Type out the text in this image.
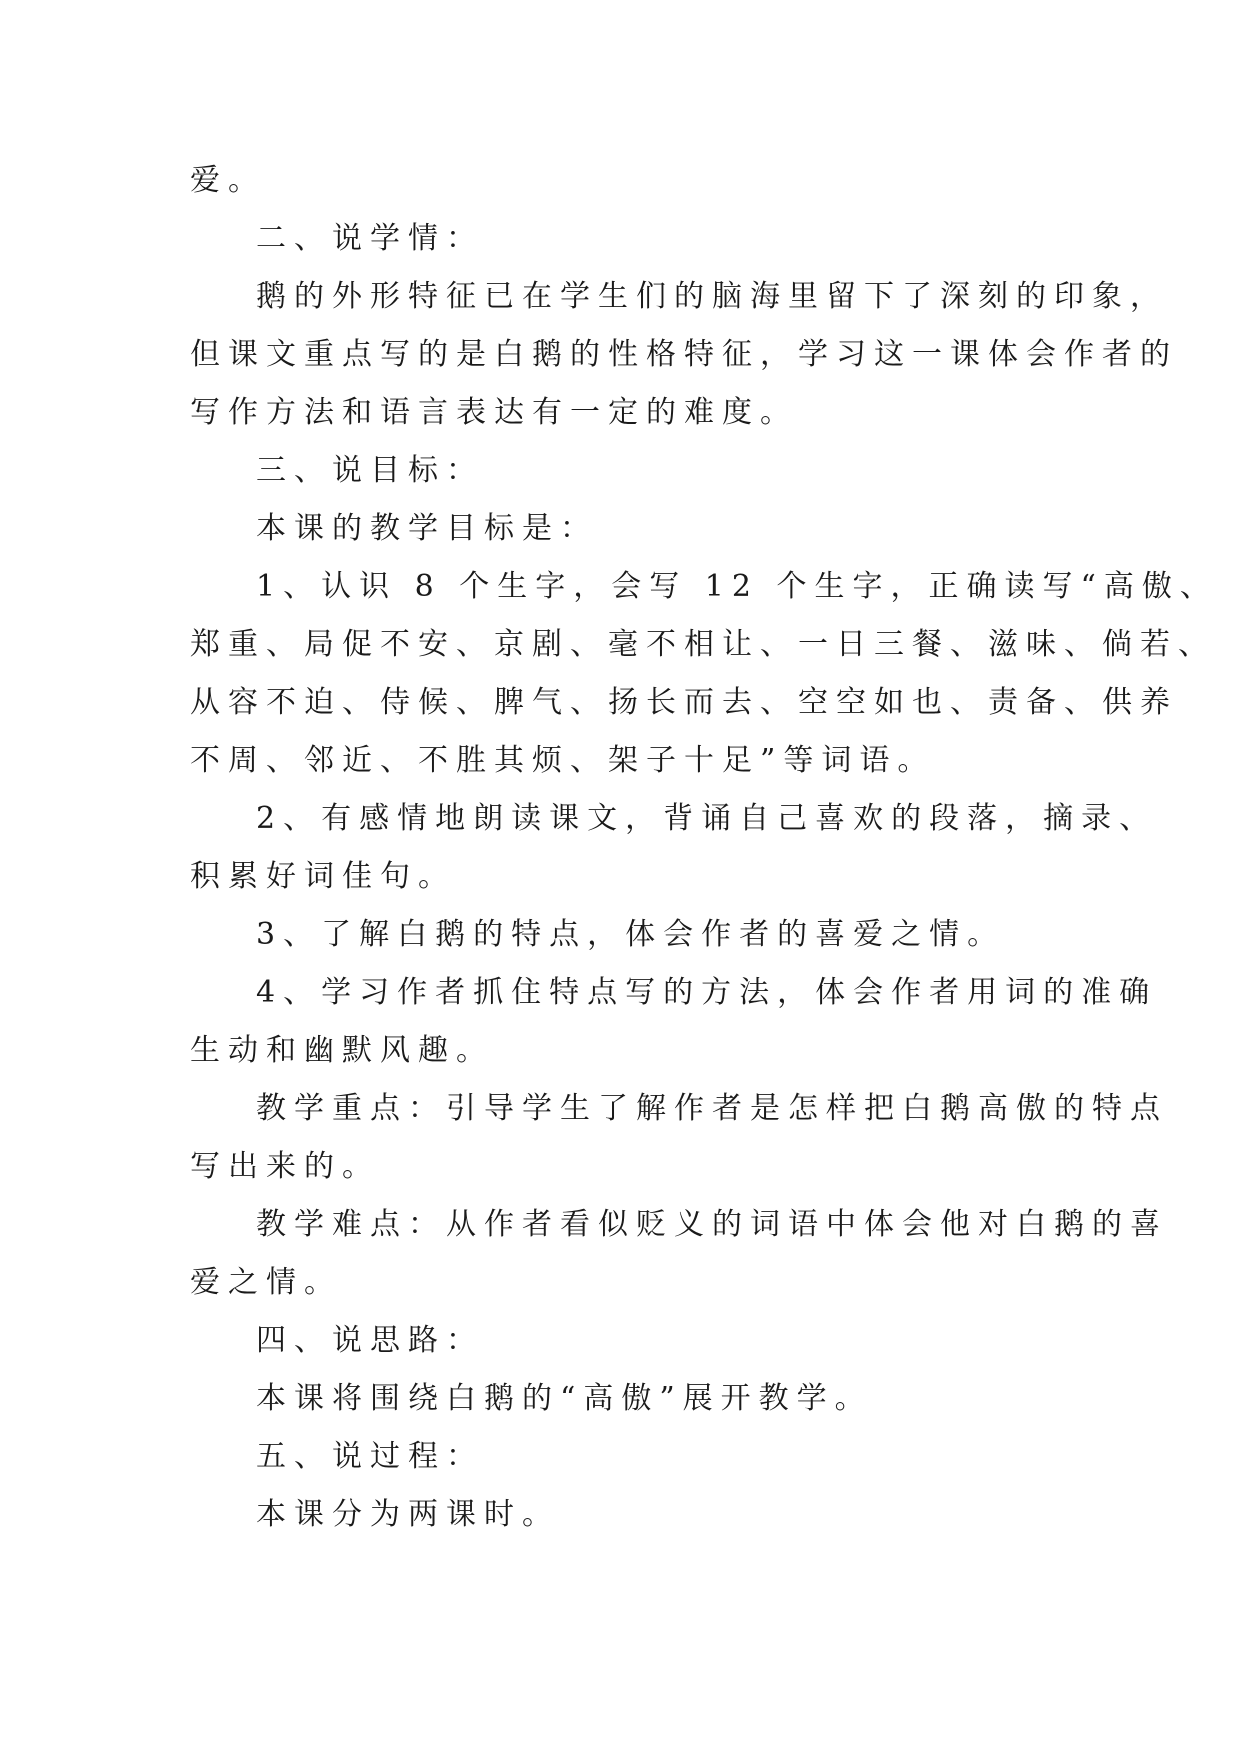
爱。
二、说学情：
鹅的外形特征已在学生们的脑海里留下了深刻的印象，
但课文重点写的是白鹅的性格特征，学习这一课体会作者的
写作方法和语言表达有一定的难度。
三、说目标：
本课的教学目标是：
1、认识 8 个生字，会写 12 个生字，正确读写“高傲、
郑重、局促不安、京剧、毫不相让、一日三餐、滋味、倘若、
从容不迫、侍候、脾气、扬长而去、空空如也、责备、供养
不周、邻近、不胜其烦、架子十足”等词语。
2、有感情地朗读课文，背诵自己喜欢的段落，摘录、
积累好词佳句。
3、了解白鹅的特点，体会作者的喜爱之情。
4、学习作者抓住特点写的方法，体会作者用词的准确
生动和幽默风趣。
教学重点：引导学生了解作者是怎样把白鹅高傲的特点
写出来的。
教学难点：从作者看似贬义的词语中体会他对白鹅的喜
爱之情。
四、说思路：
本课将围绕白鹅的“高傲”展开教学。
五、说过程：
本课分为两课时。
